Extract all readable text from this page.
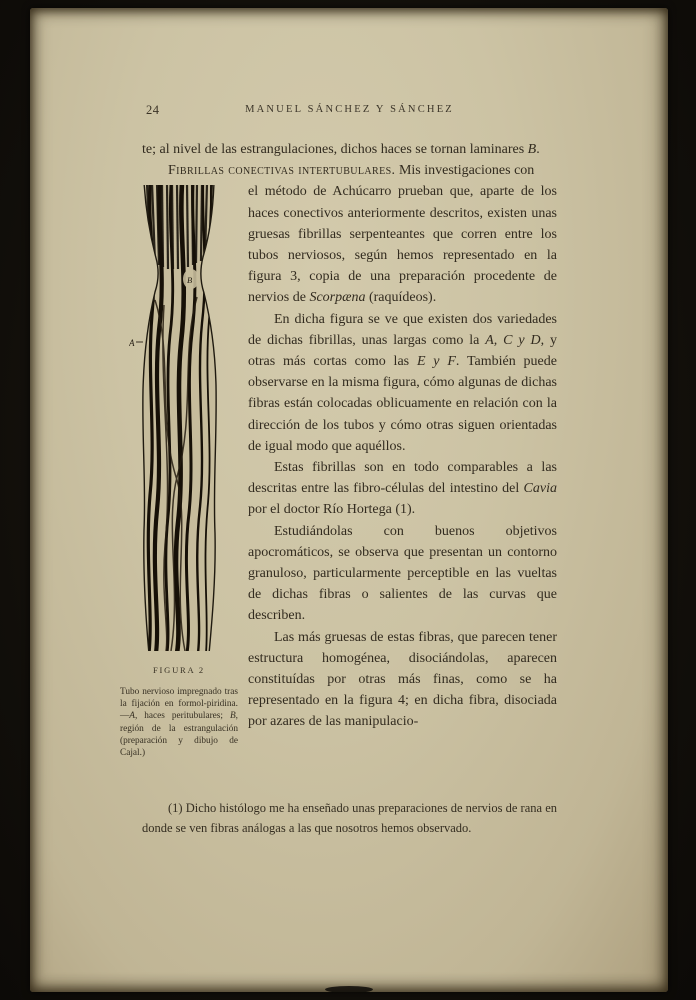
24	MANUEL SÁNCHEZ Y SÁNCHEZ

te; al nivel de las estrangulaciones, dichos haces se tornan laminares B.

Fibrillas conectivas intertubulares. Mis investigaciones con

A
B
FIGURA 2
Tubo nervioso impregnado tras la fijación en formol-piridina.—A, haces peritubulares; B, región de la estrangulación (preparación y dibujo de Cajal.)

el método de Achúcarro prueban que, aparte de los haces conectivos anteriormente descritos, existen unas gruesas fibrillas serpenteantes que corren entre los tubos nerviosos, según hemos representado en la figura 3, copia de una preparación procedente de nervios de Scorpæna (raquídeos).

En dicha figura se ve que existen dos variedades de dichas fibrillas, unas largas como la A, C y D, y otras más cortas como las E y F. También puede observarse en la misma figura, cómo algunas de dichas fibras están colocadas oblicuamente en relación con la dirección de los tubos y cómo otras siguen orientadas de igual modo que aquéllos.

Estas fibrillas son en todo comparables a las descritas entre las fibro-células del intestino del Cavia por el doctor Río Hortega (1).

Estudiándolas con buenos objetivos apocromáticos, se observa que presentan un contorno granuloso, particularmente perceptible en las vueltas de dichas fibras o salientes de las curvas que describen.

Las más gruesas de estas fibras, que parecen tener estructura homogénea, disociándolas, aparecen constituídas por otras más finas, como se ha representado en la figura 4; en dicha fibra, disociada por azares de las manipulacio-

(1) Dicho histólogo me ha enseñado unas preparaciones de nervios de rana en donde se ven fibras análogas a las que nosotros hemos observado.
